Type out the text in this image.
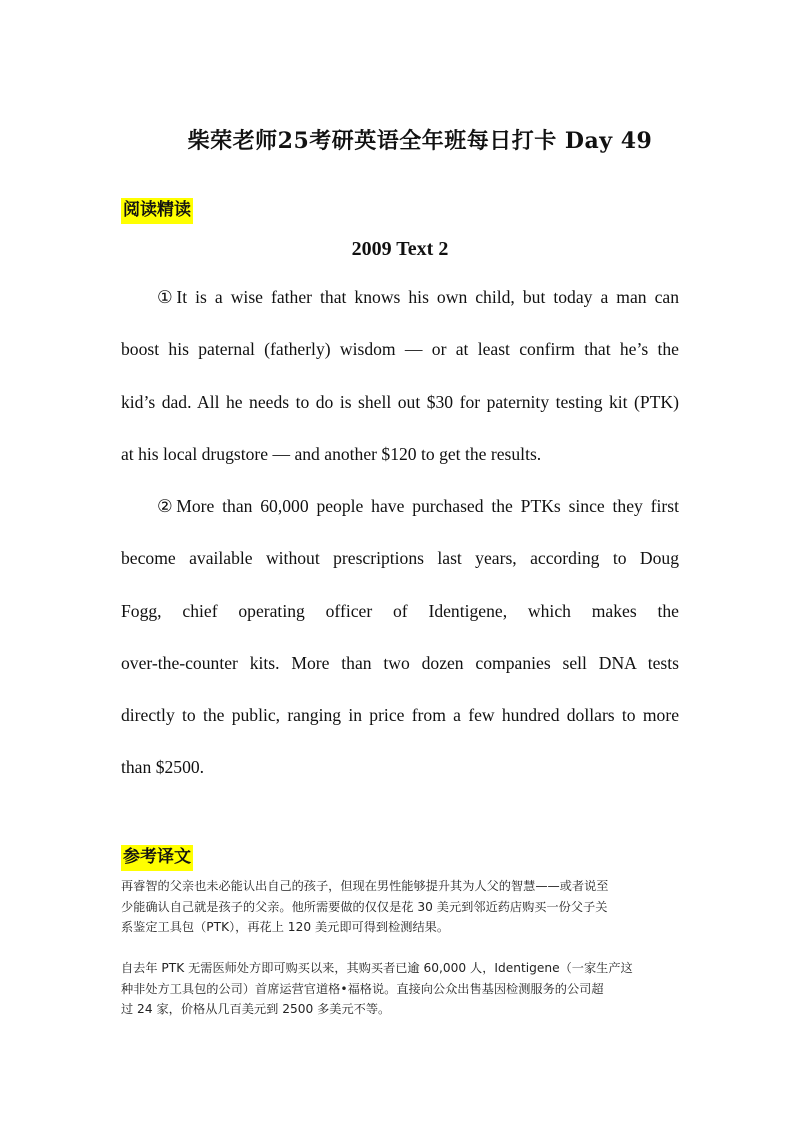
柴荣老师25考研英语全年班每日打卡 Day 49
阅读精读
2009 Text 2
①It is a wise father that knows his own child, but today a man can
boost his paternal (fatherly) wisdom — or at least confirm that he’s the
kid’s dad. All he needs to do is shell out $30 for paternity testing kit (PTK)
at his local drugstore — and another $120 to get the results.
②More than 60,000 people have purchased the PTKs since they first
become available without prescriptions last years, according to Doug
Fogg, chief operating officer of Identigene, which makes the
over-the-counter kits. More than two dozen companies sell DNA tests
directly to the public, ranging in price from a few hundred dollars to more
than $2500.
参考译文
再睿智的父亲也未必能认出自己的孩子，但现在男性能够提升其为人父的智慧——或者说至
少能确认自己就是孩子的父亲。他所需要做的仅仅是花 30 美元到邻近药店购买一份父子关
系鉴定工具包（PTK），再花上 120 美元即可得到检测结果。
自去年 PTK 无需医师处方即可购买以来，其购买者已逾 60,000 人，Identigene（一家生产这
种非处方工具包的公司）首席运营官道格•福格说。直接向公众出售基因检测服务的公司超
过 24 家，价格从几百美元到 2500 多美元不等。
